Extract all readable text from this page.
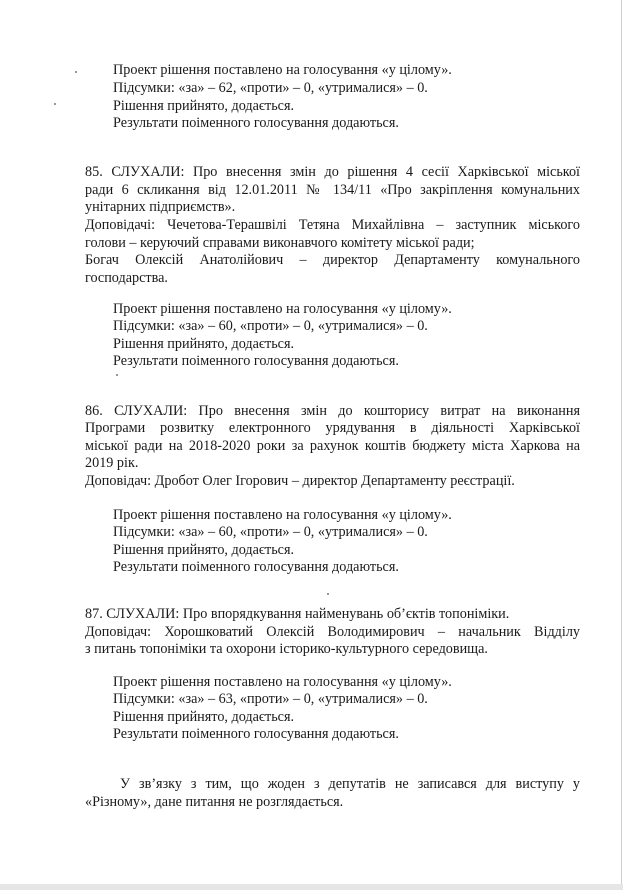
Проект рішення поставлено на голосування «у цілому».
Підсумки: «за» – 62, «проти» – 0, «утрималися» – 0.
Рішення прийнято, додається.
Результати поіменного голосування додаються.
85. СЛУХАЛИ: Про внесення змін до рішення 4 сесії Харківської міської
ради 6 скликання від 12.01.2011 № 134/11 «Про закріплення комунальних
унітарних підприємств».
Доповідачі: Чечетова-Терашвілі Тетяна Михайлівна – заступник міського
голови – керуючий справами виконавчого комітету міської ради;
Богач Олексій Анатолійович – директор Департаменту комунального
господарства.
Проект рішення поставлено на голосування «у цілому».
Підсумки: «за» – 60, «проти» – 0, «утрималися» – 0.
Рішення прийнято, додається.
Результати поіменного голосування додаються.
86. СЛУХАЛИ: Про внесення змін до кошторису витрат на виконання
Програми розвитку електронного урядування в діяльності Харківської
міської ради на 2018-2020 роки за рахунок коштів бюджету міста Харкова на
2019 рік.
Доповідач: Дробот Олег Ігорович – директор Департаменту реєстрації.
Проект рішення поставлено на голосування «у цілому».
Підсумки: «за» – 60, «проти» – 0, «утрималися» – 0.
Рішення прийнято, додається.
Результати поіменного голосування додаються.
87. СЛУХАЛИ: Про впорядкування найменувань об’єктів топоніміки.
Доповідач: Хорошковатий Олексій Володимирович – начальник Відділу
з питань топоніміки та охорони історико-культурного середовища.
Проект рішення поставлено на голосування «у цілому».
Підсумки: «за» – 63, «проти» – 0, «утрималися» – 0.
Рішення прийнято, додається.
Результати поіменного голосування додаються.
У зв’язку з тим, що жоден з депутатів не записався для виступу у
«Різному», дане питання не розглядається.
